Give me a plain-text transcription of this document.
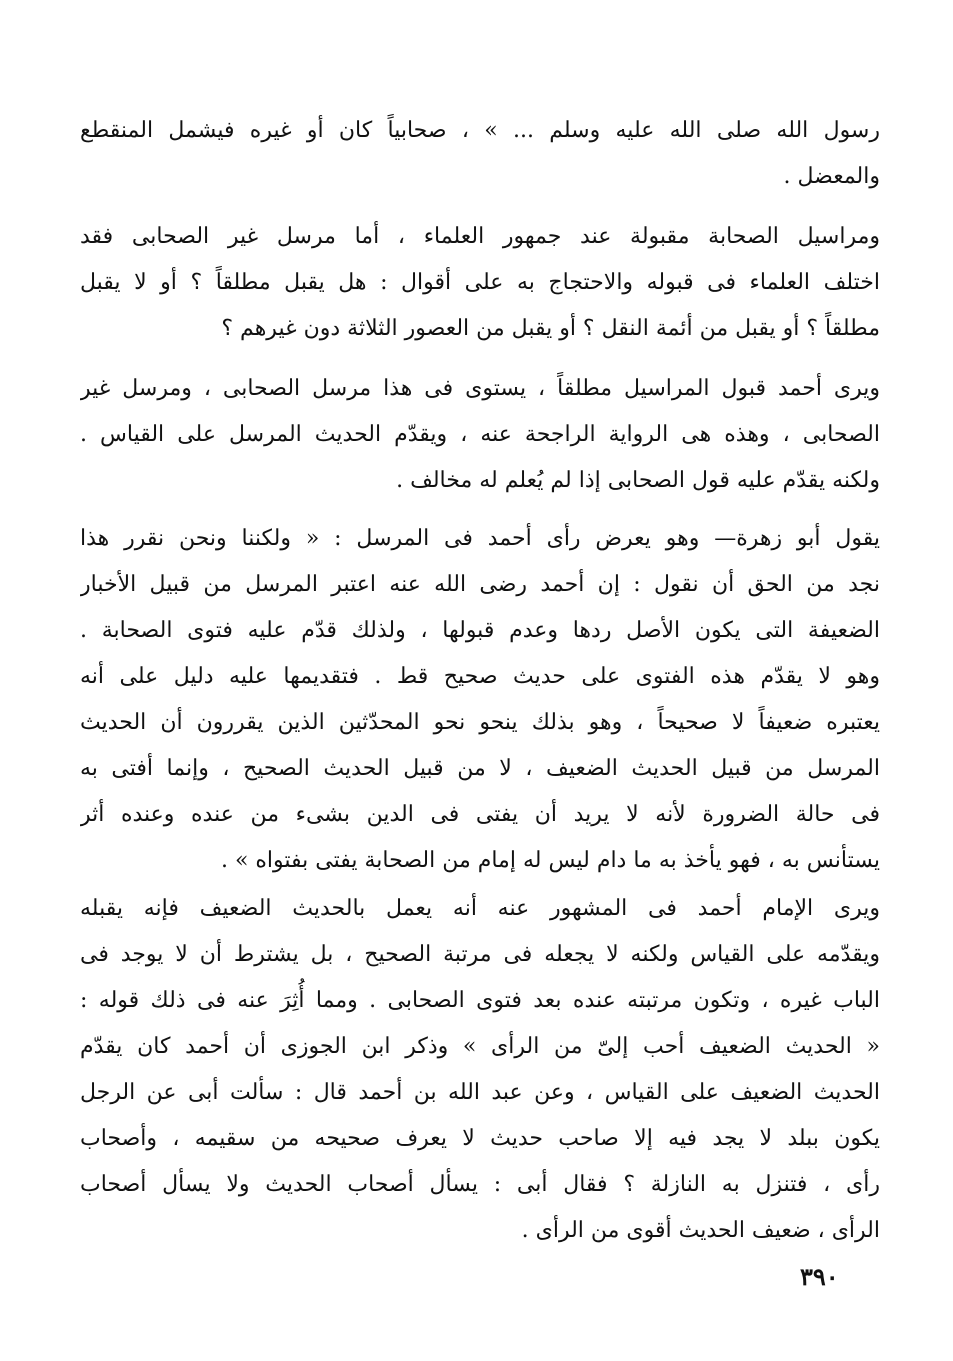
رسول الله صلى الله عليه وسلم ... » ، صحابياً كان أو غيره فيشمل المنقطع
والمعضل .
ومراسيل الصحابة مقبولة عند جمهور العلماء ، أما مرسل غير الصحابى فقد
اختلف العلماء فى قبوله والاحتجاج به على أقوال : هل يقبل مطلقاً ؟ أو لا يقبل
مطلقاً ؟ أو يقبل من أئمة النقل ؟ أو يقبل من العصور الثلاثة دون غيرهم ؟
ويرى أحمد قبول المراسيل مطلقاً ، يستوى فى هذا مرسل الصحابى ، ومرسل غير
الصحابى ، وهذه هى الرواية الراجحة عنه ، ويقدّم الحديث المرسل على القياس .
ولكنه يقدّم عليه قول الصحابى إذا لم يُعلم له مخالف .
يقول أبو زهرة— وهو يعرض رأى أحمد فى المرسل : « ولكننا ونحن نقرر هذا
نجد من الحق أن نقول : إن أحمد رضى الله عنه اعتبر المرسل من قبيل الأخبار
الضعيفة التى يكون الأصل ردها وعدم قبولها ، ولذلك قدّم عليه فتوى الصحابة .
وهو لا يقدّم هذه الفتوى على حديث صحيح قط . فتقديمها عليه دليل على أنه
يعتبره ضعيفاً لا صحيحاً ، وهو بذلك ينحو نحو المحدّثين الذين يقررون أن الحديث
المرسل من قبيل الحديث الضعيف ، لا من قبيل الحديث الصحيح ، وإنما أفتى به
فى حالة الضرورة لأنه لا يريد أن يفتى فى الدين بشىء من عنده وعنده أثر
يستأنس به ، فهو يأخذ به ما دام ليس له إمام من الصحابة يفتى بفتواه » .
ويرى الإمام أحمد فى المشهور عنه أنه يعمل بالحديث الضعيف فإنه يقبله
ويقدّمه على القياس ولكنه لا يجعله فى مرتبة الصحيح ، بل يشترط أن لا يوجد فى
الباب غيره ، وتكون مرتبته عنده بعد فتوى الصحابى . ومما أُثِرَ عنه فى ذلك قوله :
« الحديث الضعيف أحب إلىّ من الرأى » وذكر ابن الجوزى أن أحمد كان يقدّم
الحديث الضعيف على القياس ، وعن عبد الله بن أحمد قال : سألت أبى عن الرجل
يكون ببلد لا يجد فيه إلا صاحب حديث لا يعرف صحيحه من سقيمه ، وأصحاب
رأى ، فتنزل به النازلة ؟ فقال أبى : يسأل أصحاب الحديث ولا يسأل أصحاب
الرأى ، ضعيف الحديث أقوى من الرأى .
٣٩٠
